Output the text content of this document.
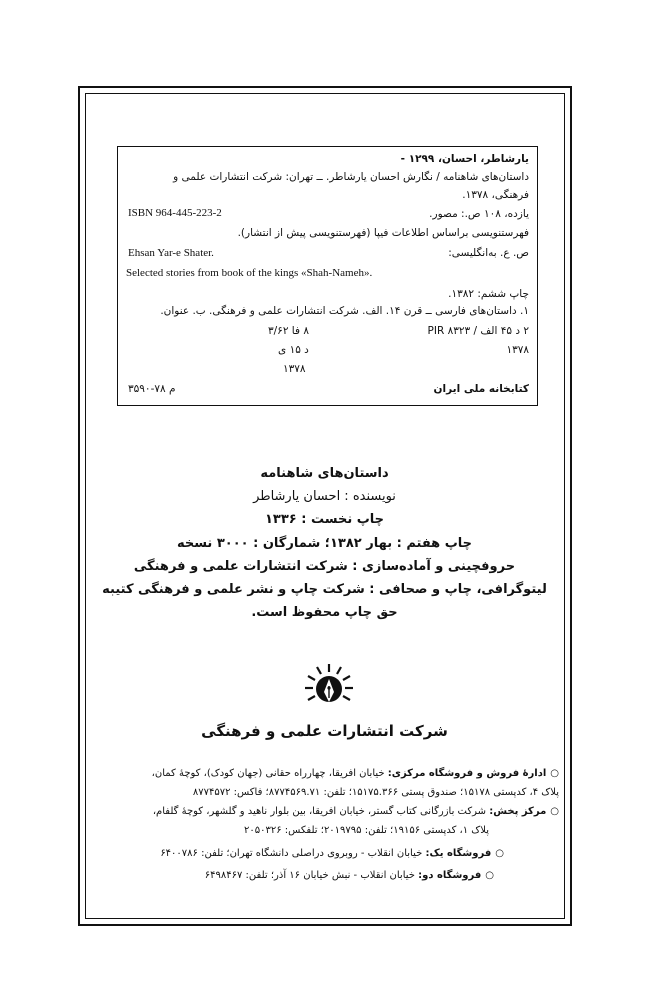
یارشاطر، احسان، ۱۲۹۹ -
داستان‌های شاهنامه / نگارش احسان یارشاطر. ــ تهران: شرکت انتشارات علمی و
فرهنگی، ۱۳۷۸.
یازده، ۱۰۸ ص.: مصور.
ISBN 964-445-223-2
فهرستنویسی براساس اطلاعات فیپا (فهرستنویسی پیش از انتشار).
ص. ع. به‌انگلیسی:
Ehsan Yar-e Shater.
Selected stories from book of the kings «Shah-Nameh».
چاپ ششم: ۱۳۸۲.
۱. داستان‌های فارسی ــ قرن ۱۴. الف. شرکت انتشارات علمی و فرهنگی. ب. عنوان.
۲ د ۴۵ الف / ۸۳۲۳ PIR
۸ فا ۳/۶۲
۱۳۷۸
د ۱۵ ی
۱۳۷۸
کتابخانه ملی ایران
م ۷۸-۳۵۹۰
داستان‌های شاهنامه
نویسنده : احسان یارشاطر
چاپ نخست : ۱۳۳۶
چاپ هفتم : بهار ۱۳۸۲؛ شمارگان : ۳۰۰۰ نسخه
حروفچینی و آماده‌سازی : شرکت انتشارات علمی و فرهنگی
لیتوگرافی، چاپ و صحافی : شرکت چاپ و نشر علمی و فرهنگی کتیبه
حق چاپ محفوظ است.
شرکت انتشارات علمی و فرهنگی
○ادارهٔ فروش و فروشگاه مرکزی: خیابان افریقا، چهارراه حقانی (جهان کودک)، کوچهٔ کمان،
پلاک ۴، کدپستی ۱۵۱۷۸؛ صندوق پستی ۱۵۱۷۵.۳۶۶؛ تلفن: ۸۷۷۴۵۶۹.۷۱؛ فاکس: ۸۷۷۴۵۷۲
○مرکز پخش: شرکت بازرگانی کتاب گستر، خیابان افریقا، بین بلوار ناهید و گلشهر، کوچهٔ گلفام،
پلاک ۱، کدپستی ۱۹۱۵۶؛ تلفن: ۲۰۱۹۷۹۵؛ تلفکس: ۲۰۵۰۳۲۶
○فروشگاه یک: خیابان انقلاب - روبروی دراصلی دانشگاه تهران؛ تلفن: ۶۴۰۰۷۸۶
○فروشگاه دو: خیابان انقلاب - نبش خیابان ۱۶ آذر؛ تلفن: ۶۴۹۸۴۶۷
